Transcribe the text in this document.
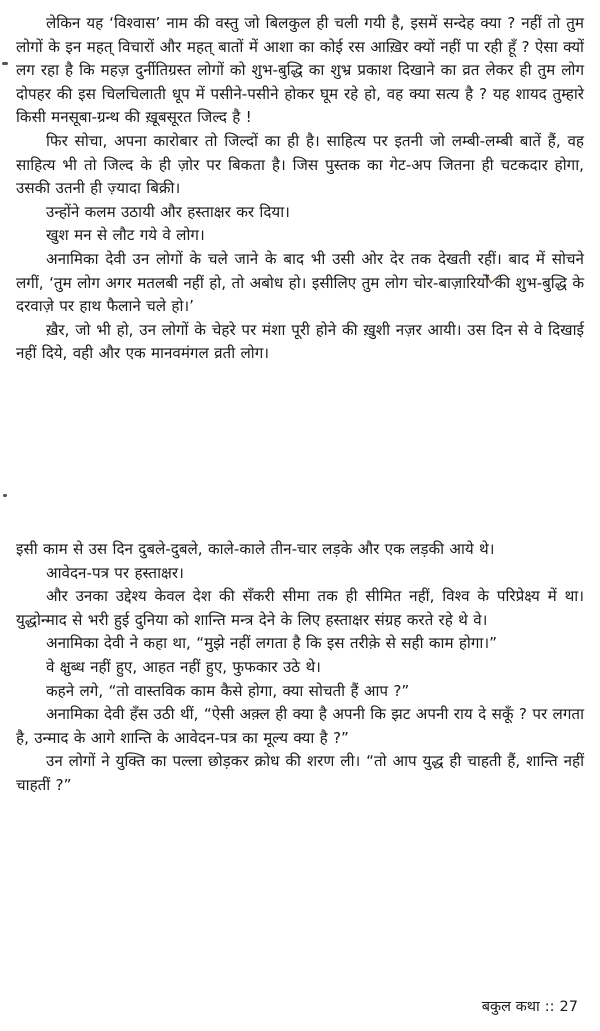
लेकिन यह ‘विश्वास’ नाम की वस्तु जो बिलकुल ही चली गयी है, इसमें सन्देह क्या ? नहीं तो तुम लोगों के इन महत् विचारों और महत् बातों में आशा का कोई रस आख़िर क्यों नहीं पा रही हूँ ? ऐसा क्यों लग रहा है कि महज़ दुर्नीतिग्रस्त लोगों को शुभ-बुद्धि का शुभ्र प्रकाश दिखाने का व्रत लेकर ही तुम लोग दोपहर की इस चिलचिलाती धूप में पसीने-पसीने होकर घूम रहे हो, वह क्या सत्य है ? यह शायद तुम्हारे किसी मनसूबा-ग्रन्थ की ख़ूबसूरत जिल्द है !

फिर सोचा, अपना कारोबार तो जिल्दों का ही है। साहित्य पर इतनी जो लम्बी-लम्बी बातें हैं, वह साहित्य भी तो जिल्द के ही ज़ोर पर बिकता है। जिस पुस्तक का गेट-अप जितना ही चटकदार होगा, उसकी उतनी ही ज़्यादा बिक्री।

उन्होंने कलम उठायी और हस्ताक्षर कर दिया।

खुश मन से लौट गये वे लोग।

अनामिका देवी उन लोगों के चले जाने के बाद भी उसी ओर देर तक देखती रहीं। बाद में सोचने लगीं, ‘तुम लोग अगर मतलबी नहीं हो, तो अबोध हो। इसीलिए तुम लोग चोर-बाज़ारियों की शुभ-बुद्धि के दरवाज़े पर हाथ फैलाने चले हो।’

ख़ैर, जो भी हो, उन लोगों के चेहरे पर मंशा पूरी होने की ख़ुशी नज़र आयी। उस दिन से वे दिखाई नहीं दिये, वही और एक मानवमंगल व्रती लोग।

इसी काम से उस दिन दुबले-दुबले, काले-काले तीन-चार लड़के और एक लड़की आये थे।

आवेदन-पत्र पर हस्ताक्षर।

और उनका उद्देश्य केवल देश की सँकरी सीमा तक ही सीमित नहीं, विश्व के परिप्रेक्ष्य में था। युद्धोन्माद से भरी हुई दुनिया को शान्ति मन्त्र देने के लिए हस्ताक्षर संग्रह करते रहे थे वे।

अनामिका देवी ने कहा था, “मुझे नहीं लगता है कि इस तरीक़े से सही काम होगा।”

वे क्षुब्ध नहीं हुए, आहत नहीं हुए, फुफकार उठे थे।

कहने लगे, “तो वास्तविक काम कैसे होगा, क्या सोचती हैं आप ?”

अनामिका देवी हँस उठी थीं, “ऐसी अक़्ल ही क्या है अपनी कि झट अपनी राय दे सकूँ ? पर लगता है, उन्माद के आगे शान्ति के आवेदन-पत्र का मूल्य क्या है ?”

उन लोगों ने युक्ति का पल्ला छोड़कर क्रोध की शरण ली। “तो आप युद्ध ही चाहती हैं, शान्ति नहीं चाहतीं ?”

बकुल कथा :: 27
